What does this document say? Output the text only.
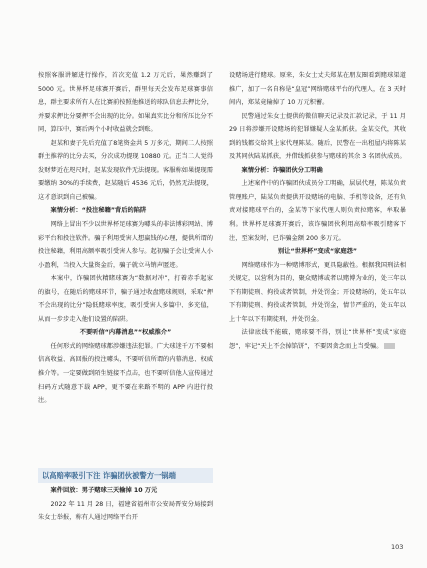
按照客服讲解进行操作，首次充值 1.2 万元后，果然赚到了 5000 元。世界杯足球赛开赛后，群里每天会发布足球赛事信息，群主要求所有人在比赛前按照他推送的球队信息去押比分，并要求押比分要押不会出现的比分。如果真实比分和所压比分不同，算压中，赛后两个小时收益就会到账。

赵某和妻子先后充值了8笔资金共 5 万多元，期间二人按照群主推荐的比分去买，分次成功提现 10880 元。正当二人觉得发财梦近在咫尺时，赵某发现软件无法提现。客服称如果提现需要缴纳 30%的手续费，赵某随后 4536 元后，仍然无法提现，这才意识到自己被骗。

案情分析：“投注秘籍”背后的陷阱

网络上冒出不少以世界杯足球赛为噱头的非法博彩网站、博彩平台和投注软件。骗子利用受害人想赢钱的心理，提供所谓的投注秘籍，利用高额率吸引受害人参与。起初骗子会让受害人小小盈利，当投入大量资金后，骗子就立马销声匿迹。

本案中，诈骗团伙精睹球赛为“数据对冲”，打着赤手起家的旗号，在随后的赌球环节，骗子通过收盘赌球规则，采取“押不会出现的比分”隐低赌球率度，吸引受害人多篇中、多充值，从而一步步走入他们设置的陷阱。

不要听信“内幕消息”“权威推介”

任何形式的网络赌球都涉嫌违法犯罪。广大球迷千万不要相信高收益、高回报的投注噱头，不要听信所谓的内幕消息、权威推介等。一定要做到陌生链接不点击，也不要听信他人宣传通过扫码方式随意下载 APP，更不要在来路不明的 APP 内进行投注。

以高赔率吸引下注 诈骗团伙被警方一锅端

案件回放：男子赌球三天输掉 10 万元

2022 年 11 月 28 日，福建省福州市公安局晋安分局接到朱女士举报，称有人通过网络平台开

设赌场进行赌球。原来，朱女士丈夫郑某在朋友圈看到赌球渠道推广，加了一名自称是“皇冠”网络赌球平台的代理人，在 3 天时间内，郑某竟输掉了 10 万元积蓄。

民警通过朱女士提供的微信聊天记录及汇款记录，于 11 月 29 日将涉嫌开设赌场的犯罪嫌疑人金某抓获。金某交代，其收到的钱都交给其上家代理陈某。随后，民警在一出租屋内将陈某及其同伙陆某抓获，并借线抓获参与赌球的其余 3 名团伙成员。

案情分析：诈骗团伙分工明确

上述案件中的诈骗团伙成员分工明确，层层代理，陈某负责管理账户，陆某负责提供开设赌场的电脑、手机等设备，还有负责对接赌球平台的，金某等下家代理人则负责拉赌客，牟取暴利。世界杯足球赛开赛后，该诈骗团伙利用高赔率吸引赌客下注，至案发时，已诈骗金额 200 多万元。

别让“世界杯”变成“家庭怨”

网络赌球作为一种赌博形式，更具隐蔽性。根据我国刑法相关规定，以营利为目的，聚众赌博或者以赌博为业的，处三年以下有期徒刑、拘役或者管制，并处罚金；开设赌场的，处五年以下有期徒刑、拘役或者管制，并处罚金，情节严重的，处五年以上十年以下有期徒刑，并处罚金。

法律底线不能破，赌球要不得，别让“世界杯”变成“家庭怨”，牢记“天上不会掉馅饼”，不要因贪念而上当受骗。

103
